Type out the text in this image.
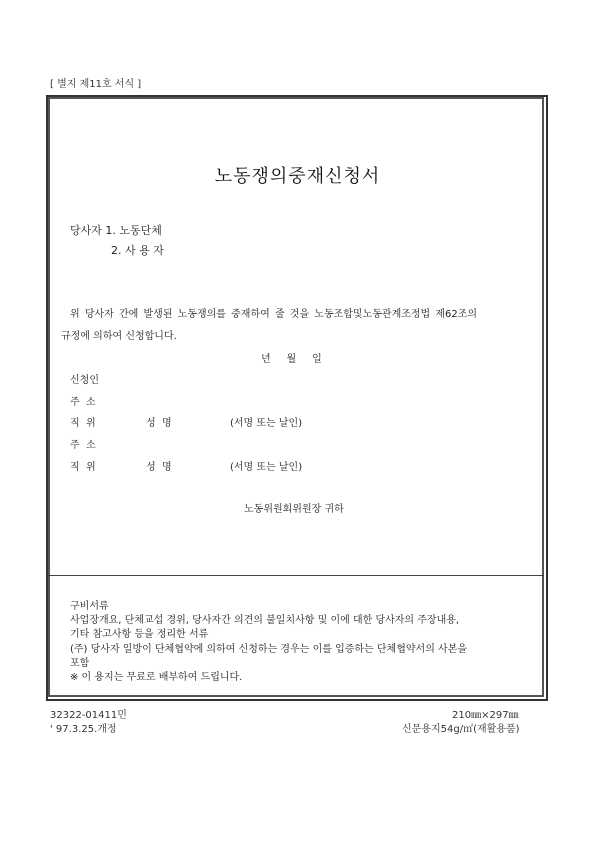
[ 별지 제11호 서식 ]
노동쟁의중재신청서
당사자 1. 노동단체
2. 사 용 자
위 당사자 간에 발생된 노동쟁의를 중재하여 줄 것을 노동조합및노동관계조정법 제62조의
규정에 의하여 신청합니다.
년     월     일
신청인
주  소
직  위	성  명	(서명 또는 날인)
주  소
직  위	성  명	(서명 또는 날인)
노동위원회위원장 귀하
구비서류
사업장개요, 단체교섭 경위, 당사자간 의견의 불일치사항 및 이에 대한 당사자의 주장내용,
기타 참고사항 등을 정리한 서류
(주) 당사자 일방이 단체협약에 의하여 신청하는 경우는 이를 입증하는 단체협약서의 사본을
포함
※ 이 용지는 무료로 배부하여 드립니다.
32322-01411민
' 97.3.25.개정
210㎜×297㎜
신문용지54g/㎡(재활용품)
